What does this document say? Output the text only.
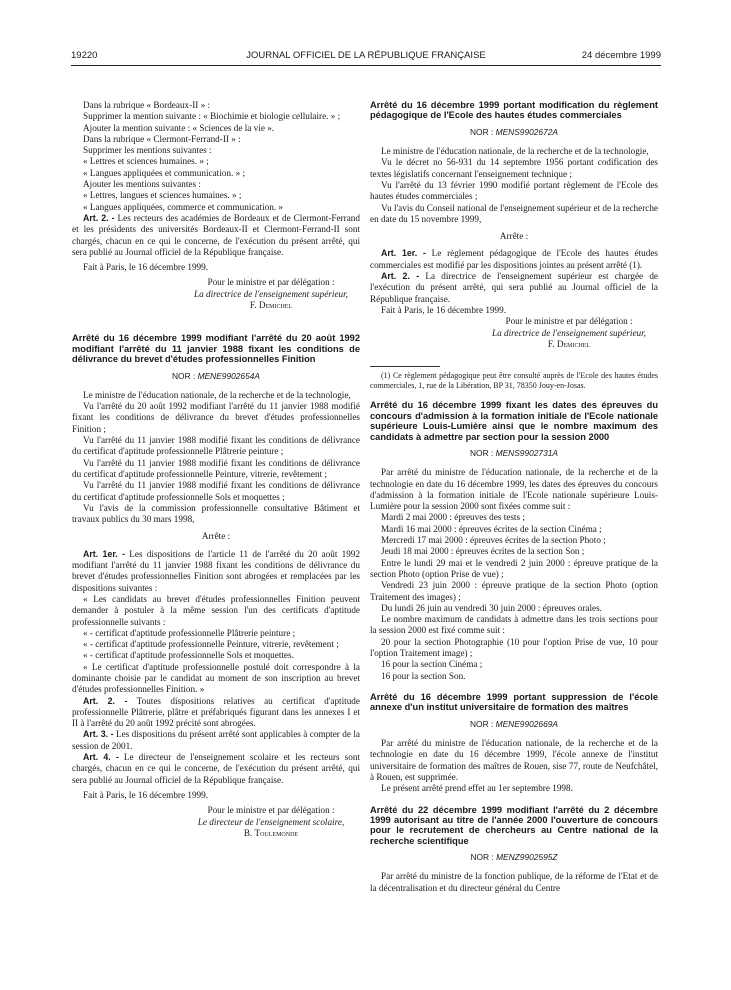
19220	JOURNAL OFFICIEL DE LA RÉPUBLIQUE FRANÇAISE	24 décembre 1999

Dans la rubrique « Bordeaux-II » :

Supprimer la mention suivante : « Biochimie et biologie cellulaire. » ;

Ajouter la mention suivante : « Sciences de la vie ».

Dans la rubrique « Clermont-Ferrand-II » :

Supprimer les mentions suivantes :

« Lettres et sciences humaines. » ;

« Langues appliquées et communication. » ;

Ajouter les mentions suivantes :

« Lettres, langues et sciences humaines. » ;

« Langues appliquées, commerce et communication. »

Art. 2. - Les recteurs des académies de Bordeaux et de Clermont-Ferrand et les présidents des universités Bordeaux-II et Clermont-Ferrand-II sont chargés, chacun en ce qui le concerne, de l'exécution du présent arrêté, qui sera publié au Journal officiel de la République française.

Fait à Paris, le 16 décembre 1999.

Pour le ministre et par délégation :

La directrice de l'enseignement supérieur,

F. Demichel

Arrêté du 16 décembre 1999 modifiant l'arrêté du 20 août 1992 modifiant l'arrêté du 11 janvier 1988 fixant les conditions de délivrance du brevet d'études professionnelles Finition

NOR : MENE9902654A

Le ministre de l'éducation nationale, de la recherche et de la technologie,

Vu l'arrêté du 20 août 1992 modifiant l'arrêté du 11 janvier 1988 modifié fixant les conditions de délivrance du brevet d'études professionnelles Finition ;

Vu l'arrêté du 11 janvier 1988 modifié fixant les conditions de délivrance du certificat d'aptitude professionnelle Plâtrerie peinture ;

Vu l'arrêté du 11 janvier 1988 modifié fixant les conditions de délivrance du certificat d'aptitude professionnelle Peinture, vitrerie, revêtement ;

Vu l'arrêté du 11 janvier 1988 modifié fixant les conditions de délivrance du certificat d'aptitude professionnelle Sols et moquettes ;

Vu l'avis de la commission professionnelle consultative Bâtiment et travaux publics du 30 mars 1998,

Arrête :

Art. 1er. - Les dispositions de l'article 11 de l'arrêté du 20 août 1992 modifiant l'arrêté du 11 janvier 1988 fixant les conditions de délivrance du brevet d'études professionnelles Finition sont abrogées et remplacées par les dispositions suivantes :

« Les candidats au brevet d'études professionnelles Finition peuvent demander à postuler à la même session l'un des certificats d'aptitude professionnelle suivants :

« - certificat d'aptitude professionnelle Plâtrerie peinture ;

« - certificat d'aptitude professionnelle Peinture, vitrerie, revêtement ;

« - certificat d'aptitude professionnelle Sols et moquettes.

« Le certificat d'aptitude professionnelle postulé doit correspondre à la dominante choisie par le candidat au moment de son inscription au brevet d'études professionnelles Finition. »

Art. 2. - Toutes dispositions relatives au certificat d'aptitude professionnelle Plâtrerie, plâtre et préfabriqués figurant dans les annexes I et II à l'arrêté du 20 août 1992 précité sont abrogées.

Art. 3. - Les dispositions du présent arrêté sont applicables à compter de la session de 2001.

Art. 4. - Le directeur de l'enseignement scolaire et les recteurs sont chargés, chacun en ce qui le concerne, de l'exécution du présent arrêté, qui sera publié au Journal officiel de la République française.

Fait à Paris, le 16 décembre 1999.

Pour le ministre et par délégation :

Le directeur de l'enseignement scolaire,

B. Toulemonde

Arrêté du 16 décembre 1999 portant modification du règlement pédagogique de l'Ecole des hautes études commerciales

NOR : MENS9902672A

Le ministre de l'éducation nationale, de la recherche et de la technologie,

Vu le décret no 56-931 du 14 septembre 1956 portant codification des textes législatifs concernant l'enseignement technique ;

Vu l'arrêté du 13 février 1990 modifié portant règlement de l'Ecole des hautes études commerciales ;

Vu l'avis du Conseil national de l'enseignement supérieur et de la recherche en date du 15 novembre 1999,

Arrête :

Art. 1er. - Le règlement pédagogique de l'Ecole des hautes études commerciales est modifié par les dispositions jointes au présent arrêté (1).

Art. 2. - La directrice de l'enseignement supérieur est chargée de l'exécution du présent arrêté, qui sera publié au Journal officiel de la République française.

Fait à Paris, le 16 décembre 1999.

Pour le ministre et par délégation :

La directrice de l'enseignement supérieur,

F. Demichel

(1) Ce règlement pédagogique peut être consulté auprès de l'Ecole des hautes études commerciales, 1, rue de la Libération, BP 31, 78350 Jouy-en-Josas.

Arrêté du 16 décembre 1999 fixant les dates des épreuves du concours d'admission à la formation initiale de l'Ecole nationale supérieure Louis-Lumière ainsi que le nombre maximum des candidats à admettre par section pour la session 2000

NOR : MENS9902731A

Par arrêté du ministre de l'éducation nationale, de la recherche et de la technologie en date du 16 décembre 1999, les dates des épreuves du concours d'admission à la formation initiale de l'Ecole nationale supérieure Louis-Lumière pour la session 2000 sont fixées comme suit :

Mardi 2 mai 2000 : épreuves des tests ;

Mardi 16 mai 2000 : épreuves écrites de la section Cinéma ;

Mercredi 17 mai 2000 : épreuves écrites de la section Photo ;

Jeudi 18 mai 2000 : épreuves écrites de la section Son ;

Entre le lundi 29 mai et le vendredi 2 juin 2000 : épreuve pratique de la section Photo (option Prise de vue) ;

Vendredi 23 juin 2000 : épreuve pratique de la section Photo (option Traitement des images) ;

Du lundi 26 juin au vendredi 30 juin 2000 : épreuves orales.

Le nombre maximum de candidats à admettre dans les trois sections pour la session 2000 est fixé comme suit :

20 pour la section Photographie (10 pour l'option Prise de vue, 10 pour l'option Traitement image) ;

16 pour la section Cinéma ;

16 pour la section Son.

Arrêté du 16 décembre 1999 portant suppression de l'école annexe d'un institut universitaire de formation des maîtres

NOR : MENE9902669A

Par arrêté du ministre de l'éducation nationale, de la recherche et de la technologie en date du 16 décembre 1999, l'école annexe de l'institut universitaire de formation des maîtres de Rouen, sise 77, route de Neufchâtel, à Rouen, est supprimée.

Le présent arrêté prend effet au 1er septembre 1998.

Arrêté du 22 décembre 1999 modifiant l'arrêté du 2 décembre 1999 autorisant au titre de l'année 2000 l'ouverture de concours pour le recrutement de chercheurs au Centre national de la recherche scientifique

NOR : MENZ9902595Z

Par arrêté du ministre de la fonction publique, de la réforme de l'Etat et de la décentralisation et du directeur général du Centre
